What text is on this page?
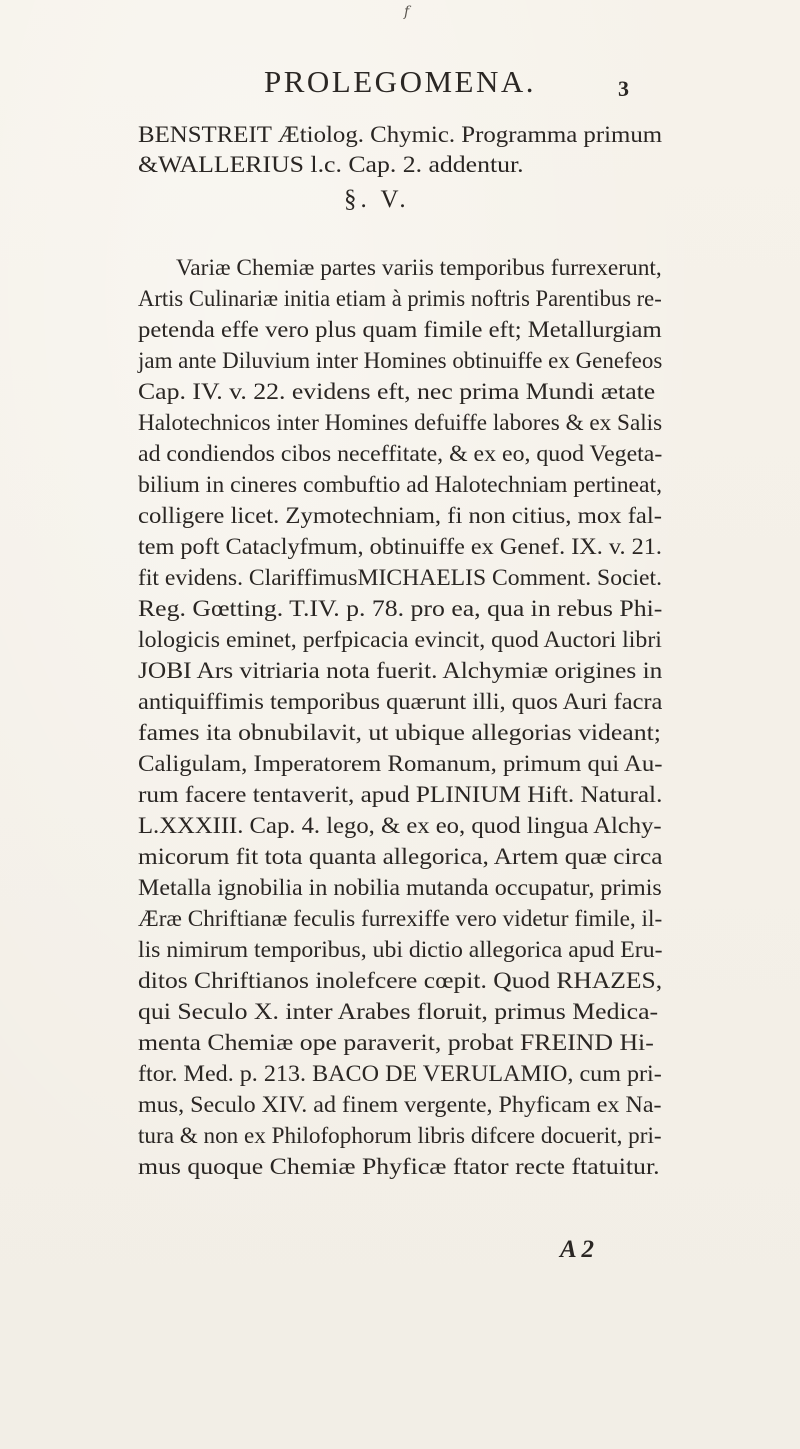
f
PROLEGOMENA.	3
BENSTREIT Ætiolog. Chymic. Programma primum
&WALLERIUS l.c. Cap. 2. addentur.
§. V.
Variæ Chemiæ partes variis temporibus furrexerunt,
Artis Culinariæ initia etiam à primis noftris Parentibus re-
petenda effe vero plus quam fimile eft; Metallurgiam
jam ante Diluvium inter Homines obtinuiffe ex Genefeos
Cap. IV. v. 22. evidens eft, nec prima Mundi ætate
Halotechnicos inter Homines defuiffe labores & ex Salis
ad condiendos cibos neceffitate, & ex eo, quod Vegeta-
bilium in cineres combuftio ad Halotechniam pertineat,
colligere licet. Zymotechniam, fi non citius, mox fal-
tem poft Cataclyfmum, obtinuiffe ex Genef. IX. v. 21.
fit evidens. ClariffimusMICHAELIS Comment. Societ.
Reg. Gœtting. T.IV. p. 78. pro ea, qua in rebus Phi-
lologicis eminet, perfpicacia evincit, quod Auctori libri
JOBI Ars vitriaria nota fuerit. Alchymiæ origines in
antiquiffimis temporibus quærunt illi, quos Auri facra
fames ita obnubilavit, ut ubique allegorias videant;
Caligulam, Imperatorem Romanum, primum qui Au-
rum facere tentaverit, apud PLINIUM Hift. Natural.
L.XXXIII. Cap. 4. lego, & ex eo, quod lingua Alchy-
micorum fit tota quanta allegorica, Artem quæ circa
Metalla ignobilia in nobilia mutanda occupatur, primis
Æræ Chriftianæ feculis furrexiffe vero videtur fimile, il-
lis nimirum temporibus, ubi dictio allegorica apud Eru-
ditos Chriftianos inolefcere cœpit. Quod RHAZES,
qui Seculo X. inter Arabes floruit, primus Medica-
menta Chemiæ ope paraverit, probat FREIND Hi-
ftor. Med. p. 213. BACO DE VERULAMIO, cum pri-
mus, Seculo XIV. ad finem vergente, Phyficam ex Na-
tura & non ex Philofophorum libris difcere docuerit, pri-
mus quoque Chemiæ Phyficæ ftator recte ftatuitur.
A 2
